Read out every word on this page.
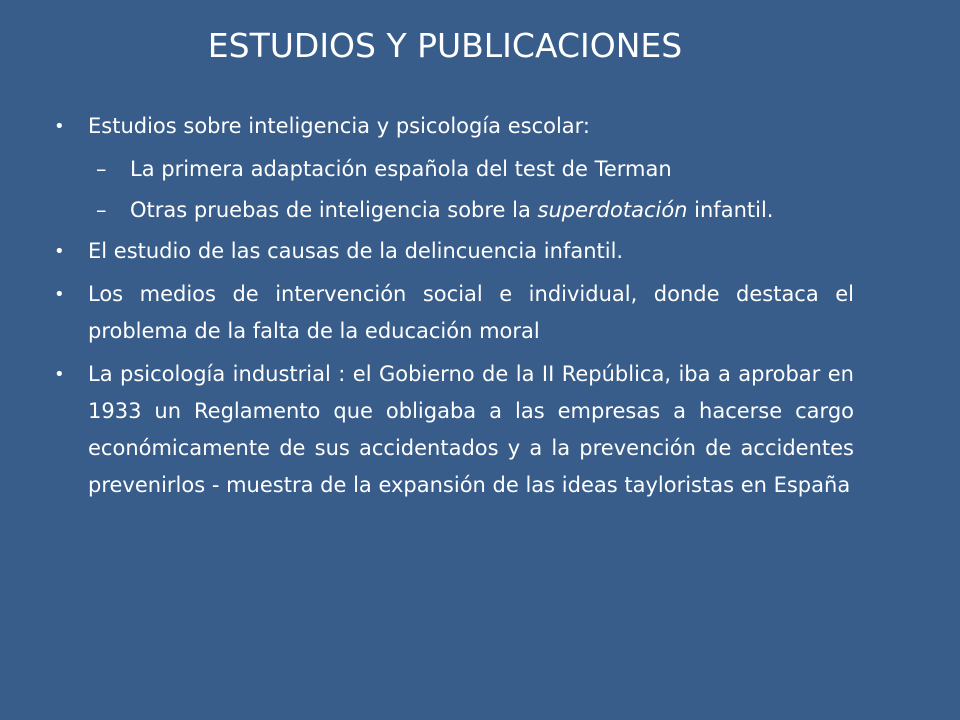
ESTUDIOS Y PUBLICACIONES
• Estudios sobre inteligencia y psicología escolar:
– La primera adaptación española del test de Terman
– Otras pruebas de inteligencia sobre la superdotación infantil.
• El estudio de las causas de la delincuencia infantil.
• Los medios de intervención social e individual, donde destaca el problema de la falta de la educación moral
• La psicología industrial : el Gobierno de la II República, iba a aprobar en 1933 un Reglamento que obligaba a las empresas a hacerse cargo económicamente de sus accidentados y a la prevención de accidentes prevenirlos - muestra de la expansión de las ideas tayloristas en España
